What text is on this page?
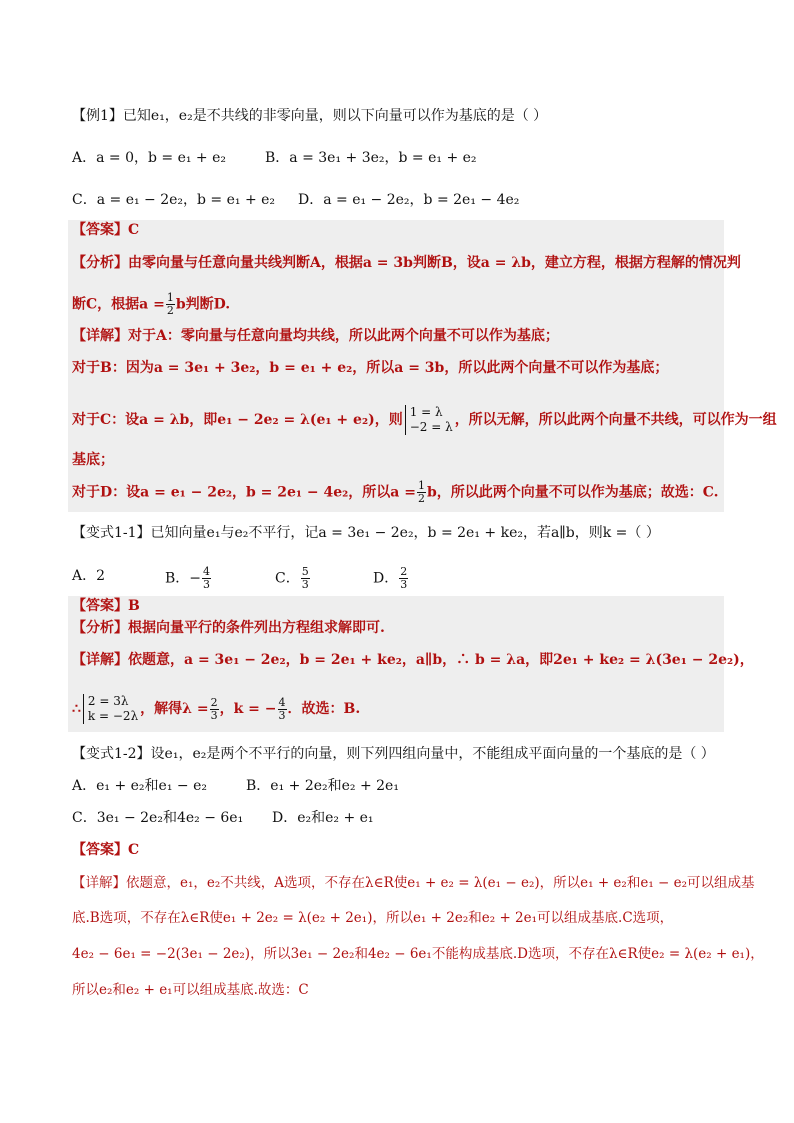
【例1】已知e₁，e₂是不共线的非零向量，则以下向量可以作为基底的是（ ）
A．a = 0，b = e₁ + e₂	B．a = 3e₁ + 3e₂，b = e₁ + e₂
C．a = e₁ − 2e₂，b = e₁ + e₂ D．a = e₁ − 2e₂，b = 2e₁ − 4e₂
【答案】C
【分析】由零向量与任意向量共线判断A，根据a = 3b判断B，设a = λb，建立方程，根据方程解的情况判
断C，根据$a = \frac{1}{2}$ b判断D.
【详解】对于A：零向量与任意向量均共线，所以此两个向量不可以作为基底；
对于B：因为a = 3e₁ + 3e₂，b = e₁ + e₂，所以a = 3b，所以此两个向量不可以作为基底；
对于C：设a = λb，即e₁ − 2e₂ = λ(e₁ + e₂)，则 1 = λ
−2 = λ ，所以无解，所以此两个向量不共线，可以作为一组
基底；
对于D：设a = e₁ − 2e₂，b = 2e₁ − 4e₂，所以$a = \frac{1}{2}$ b，所以此两个向量不可以作为基底；故选：C.
【变式1-1】已知向量e₁与e₂不平行，记a = 3e₁ − 2e₂，b = 2e₁ + ke₂，若a∥b，则k =（ ）
A．2	B．− $\frac{4}{3}$	C． $\frac{5}{3}$	D． $\frac{2}{3}$
【答案】B
【分析】根据向量平行的条件列出方程组求解即可.
【详解】依题意，a = 3e₁ − 2e₂，b = 2e₁ + ke₂，a∥b，∴ b = λa，即2e₁ + ke₂ = λ(3e₁ − 2e₂)，
∴ 2 = 3λ
k = −2λ ，解得$\lambda = \frac{2}{3}$ ，k = − $\frac{4}{3}$ ．故选：B.
【变式1-2】设e₁，e₂是两个不平行的向量，则下列四组向量中，不能组成平面向量的一个基底的是（ ）
A．e₁ + e₂和e₁ − e₂	B．e₁ + 2e₂和e₂ + 2e₁
C．3e₁ − 2e₂和4e₂ − 6e₁ D．e₂和e₂ + e₁
【答案】C
【详解】依题意，e₁，e₂不共线，A选项，不存在λ∈R使e₁ + e₂ = λ(e₁ − e₂)，所以e₁ + e₂和e₁ − e₂可以组成基
底.B选项，不存在λ∈R使e₁ + 2e₂ = λ(e₂ + 2e₁)，所以e₁ + 2e₂和e₂ + 2e₁可以组成基底.C选项，
4e₂ − 6e₁ = −2(3e₁ − 2e₂)，所以3e₁ − 2e₂和4e₂ − 6e₁不能构成基底.D选项，不存在λ∈R使e₂ = λ(e₂ + e₁)，
所以e₂和e₂ + e₁可以组成基底.故选：C
